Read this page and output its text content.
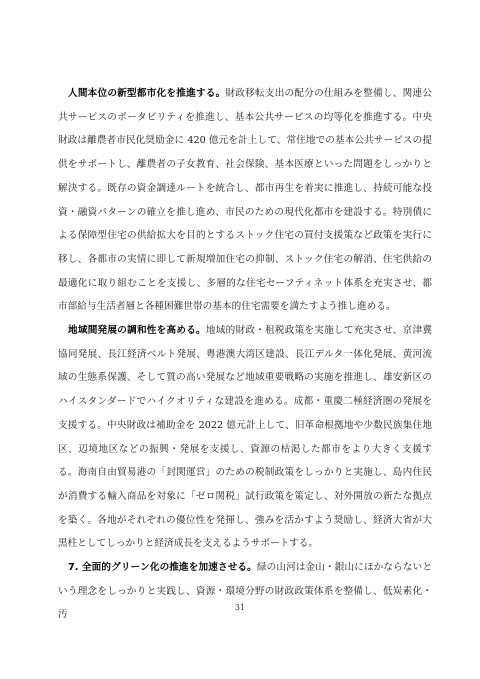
人間本位の新型都市化を推進する。財政移転支出の配分の仕組みを整備し、関連公共サービスのポータビリティを推進し、基本公共サービスの均等化を推進する。中央財政は離農者市民化奨励金に 420 億元を計上して、常住地での基本公共サービスの提供をサポートし、離農者の子女教育、社会保険、基本医療といった問題をしっかりと解決する。既存の資金調達ルートを統合し、都市再生を着実に推進し、持続可能な投資・融資パターンの確立を推し進め、市民のための現代化都市を建設する。特別債による保障型住宅の供給拡大を目的とするストック住宅の買付支援策など政策を実行に移し、各都市の実情に即して新規増加住宅の抑制、ストック住宅の解消、住宅供給の最適化に取り組むことを支援し、多層的な住宅セーフティネット体系を充実させ、都市部給与生活者層と各種困難世帯の基本的住宅需要を満たすよう推し進める。

地域間発展の調和性を高める。地域的財政・租税政策を実施して充実させ、京津冀協同発展、長江経済ベルト発展、粤港澳大湾区建設、長江デルタ一体化発展、黄河流域の生態系保護、そして質の高い発展など地域重要戦略の実施を推進し、雄安新区のハイスタンダードでハイクオリティな建設を進める。成都・重慶二極経済圏の発展を支援する。中央財政は補助金を 2022 億元計上して、旧革命根拠地や少数民族集住地区、辺境地区などの振興・発展を支援し、資源の枯渇した都市をより大きく支援する。海南自由貿易港の「封関運営」のための税制政策をしっかりと実施し、島内住民が消費する輸入商品を対象に「ゼロ関税」試行政策を策定し、対外開放の新たな拠点を築く。各地がそれぞれの優位性を発揮し、強みを活かすよう奨励し、経済大省が大黒柱としてしっかりと経済成長を支えるようサポートする。

7. 全面的グリーン化の推進を加速させる。緑の山河は金山・銀山にほかならないという理念をしっかりと実践し、資源・環境分野の財政政策体系を整備し、低炭素化・汚

31
